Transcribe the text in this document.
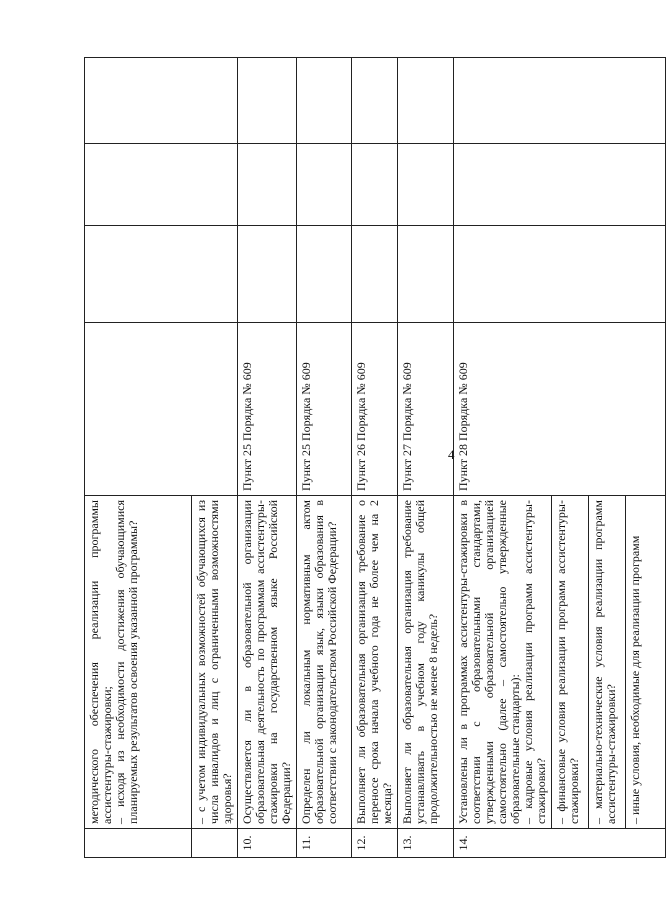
4

	методического обеспечения реализации программы ассистентуры-стажировки; – исходя из необходимости достижения обучающимися планируемых результатов освоения указанной программы?				

	– с учетом индивидуальных возможностей обучающихся из числа инвалидов и лиц с ограниченными возможностями здоровья?				
10.	Осуществляется ли в образовательной организации образовательная деятельность по программам ассистентуры-стажировки на государственном языке Российской Федерации?	Пункт 25 Порядка № 609			
11.	Определен ли локальным нормативным актом образовательной организации язык, языки образования в соответствии с законодательством Российской Федерации?	Пункт 25 Порядка № 609			
12.	Выполняет ли образовательная организация требование о переносе срока начала учебного года не более чем на 2 месяца?	Пункт 26 Порядка № 609			
13.	Выполняет ли образовательная организация требование устанавливать в учебном году каникулы общей продолжительностью не менее 8 недель?	Пункт 27 Порядка № 609			
14.	Установлены ли в программах ассистентуры-стажировки в соответствии с образовательными стандартами, утвержденными образовательной организацией самостоятельно (далее – самостоятельно утвержденные образовательные стандарты):
– кадровые условия реализации программ ассистентуры-стажировки?	Пункт 28 Порядка № 609			
	– финансовые условия реализации программ ассистентуры-стажировки?				
	– материально-технические условия реализации программ ассистентуры-стажировки?				
	– иные условия, необходимые для реализации программ				
